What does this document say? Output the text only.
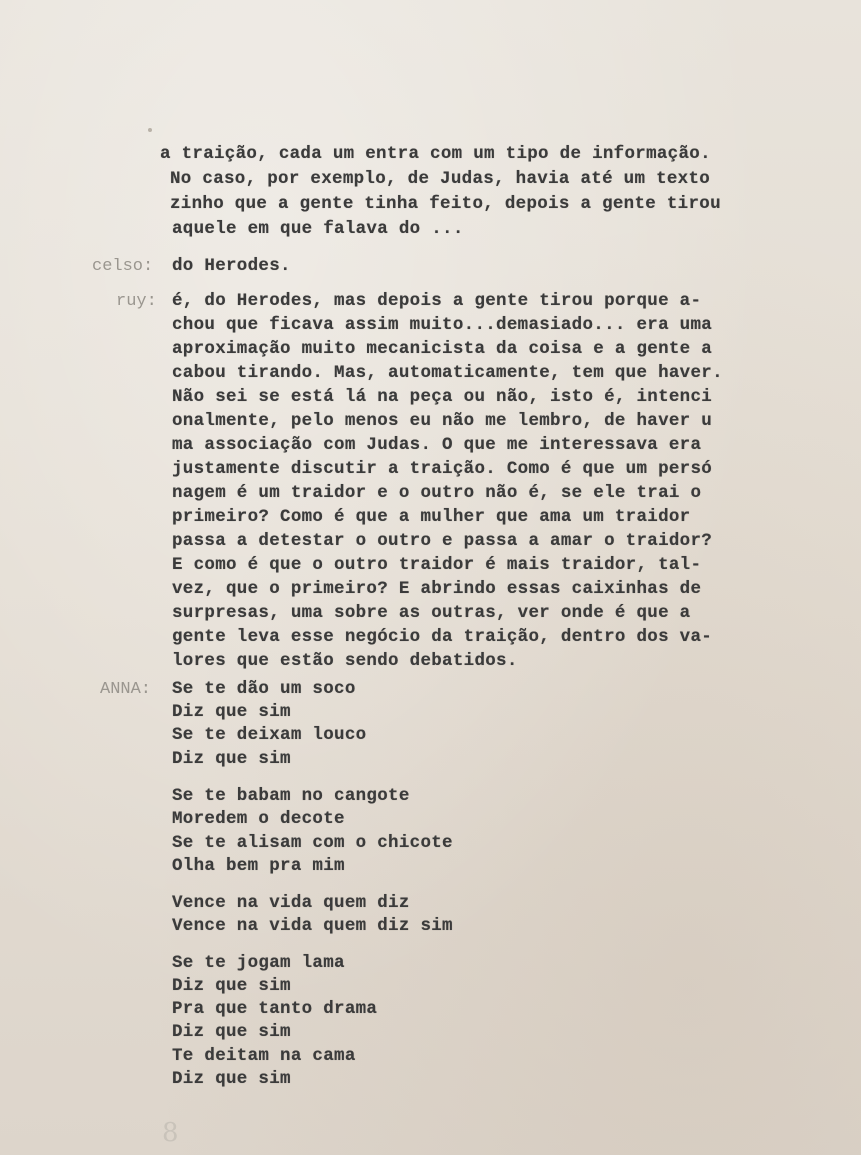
a traição, cada um entra com um tipo de informação.
No caso, por exemplo, de Judas, havia até um texto
zinho que a gente tinha feito, depois a gente tirou
aquele em que falava do ...
celso: do Herodes.
ruy: é, do Herodes, mas depois a gente tirou porque a-
chou que ficava assim muito...demasiado... era uma
aproximação muito mecanicista da coisa e a gente a
cabou tirando. Mas, automaticamente, tem que haver.
Não sei se está lá na peça ou não, isto é, intenci
onalmente, pelo menos eu não me lembro, de haver u
ma associação com Judas. O que me interessava era
justamente discutir a traição. Como é que um persó
nagem é um traidor e o outro não é, se ele trai o
primeiro? Como é que a mulher que ama um traidor
passa a detestar o outro e passa a amar o traidor?
E como é que o outro traidor é mais traidor, tal-
vez, que o primeiro? E abrindo essas caixinhas de
surpresas, uma sobre as outras, ver onde é que a
gente leva esse negócio da traição, dentro dos va-
lores que estão sendo debatidos.
ANNA: Se te dão um soco
Diz que sim
Se te deixam louco
Diz que sim
Se te babam no cangote
Moredem o decote
Se te alisam com o chicote
Olha bem pra mim
Vence na vida quem diz
Vence na vida quem diz sim
Se te jogam lama
Diz que sim
Pra que tanto drama
Diz que sim
Te deitam na cama
Diz que sim
8
